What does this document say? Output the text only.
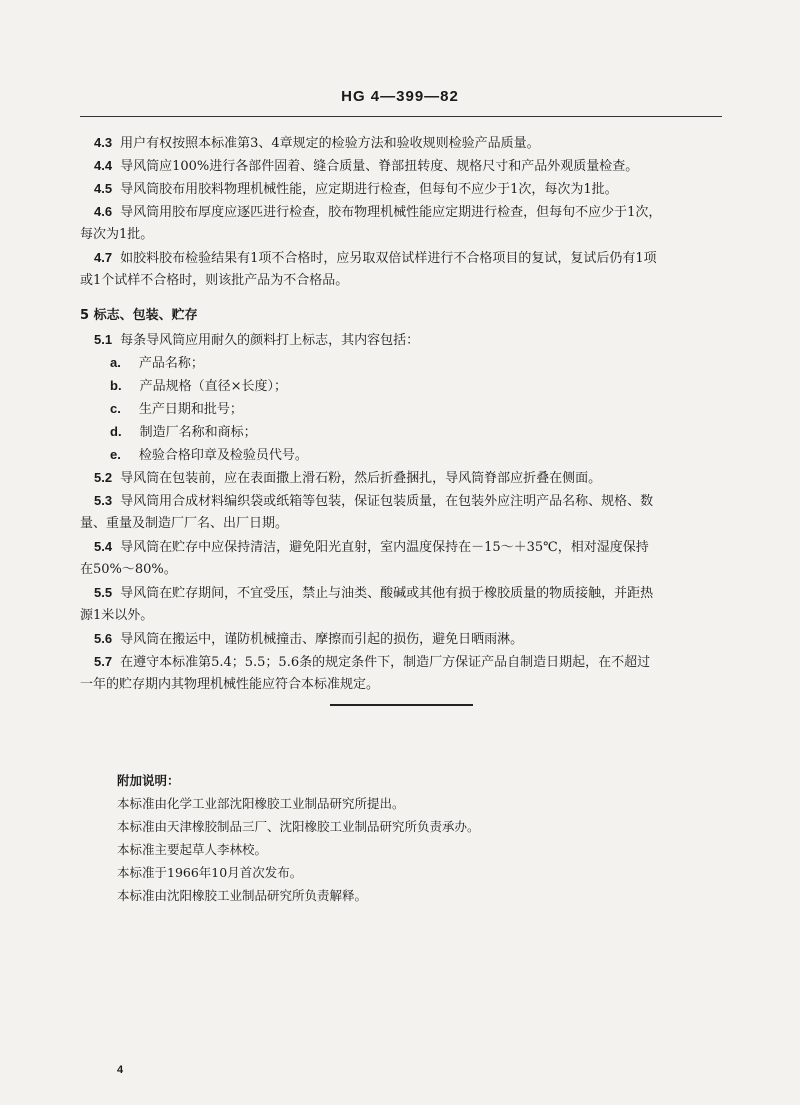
HG 4—399—82
4.3 用户有权按照本标准第3、4章规定的检验方法和验收规则检验产品质量。
4.4 导风筒应100%进行各部件固着、缝合质量、脊部扭转度、规格尺寸和产品外观质量检查。
4.5 导风筒胶布用胶料物理机械性能，应定期进行检查，但每旬不应少于1次，每次为1批。
4.6 导风筒用胶布厚度应逐匹进行检查，胶布物理机械性能应定期进行检查，但每旬不应少于1次，
每次为1批。
4.7 如胶料胶布检验结果有1项不合格时，应另取双倍试样进行不合格项目的复试，复试后仍有1项
或1个试样不合格时，则该批产品为不合格品。
5 标志、包装、贮存
5.1 每条导风筒应用耐久的颜料打上标志，其内容包括：
a. 产品名称；
b. 产品规格（直径×长度）；
c. 生产日期和批号；
d. 制造厂名称和商标；
e. 检验合格印章及检验员代号。
5.2 导风筒在包装前，应在表面撒上滑石粉，然后折叠捆扎，导风筒脊部应折叠在侧面。
5.3 导风筒用合成材料编织袋或纸箱等包装，保证包装质量，在包装外应注明产品名称、规格、数
量、重量及制造厂厂名、出厂日期。
5.4 导风筒在贮存中应保持清洁，避免阳光直射，室内温度保持在－15～＋35℃，相对湿度保持
在50%～80%。
5.5 导风筒在贮存期间，不宜受压，禁止与油类、酸碱或其他有损于橡胶质量的物质接触，并距热
源1米以外。
5.6 导风筒在搬运中，谨防机械撞击、摩擦而引起的损伤，避免日晒雨淋。
5.7 在遵守本标准第5.4；5.5；5.6条的规定条件下，制造厂方保证产品自制造日期起，在不超过
一年的贮存期内其物理机械性能应符合本标准规定。
附加说明：
本标准由化学工业部沈阳橡胶工业制品研究所提出。
本标准由天津橡胶制品三厂、沈阳橡胶工业制品研究所负责承办。
本标准主要起草人李林校。
本标准于1966年10月首次发布。
本标准由沈阳橡胶工业制品研究所负责解释。
4
